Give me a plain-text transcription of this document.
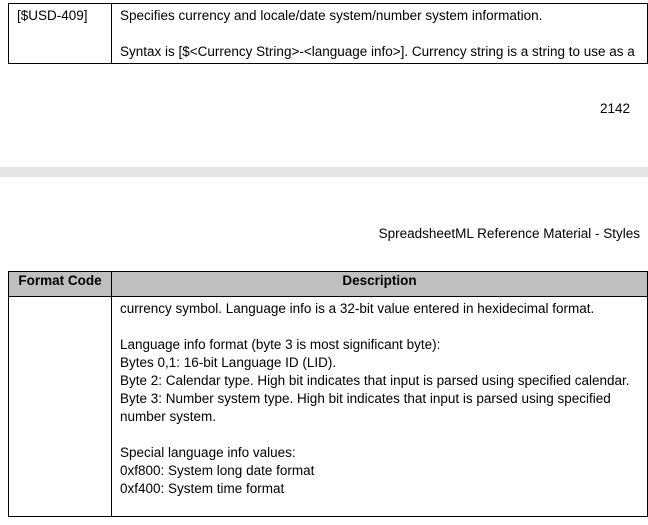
[$USD-409]	Specifies currency and locale/date system/number system information.

Syntax is [$<Currency String>-<language info>]. Currency string is a string to use as a

2142
SpreadsheetML Reference Material - Styles
Format Code	Description

currency symbol. Language info is a 32-bit value entered in hexidecimal format.

Language info format (byte 3 is most significant byte):

Bytes 0,1: 16-bit Language ID (LID).

Byte 2: Calendar type. High bit indicates that input is parsed using specified calendar.

Byte 3: Number system type. High bit indicates that input is parsed using specified number system.

Special language info values:

0xf800: System long date format

0xf400: System time format
